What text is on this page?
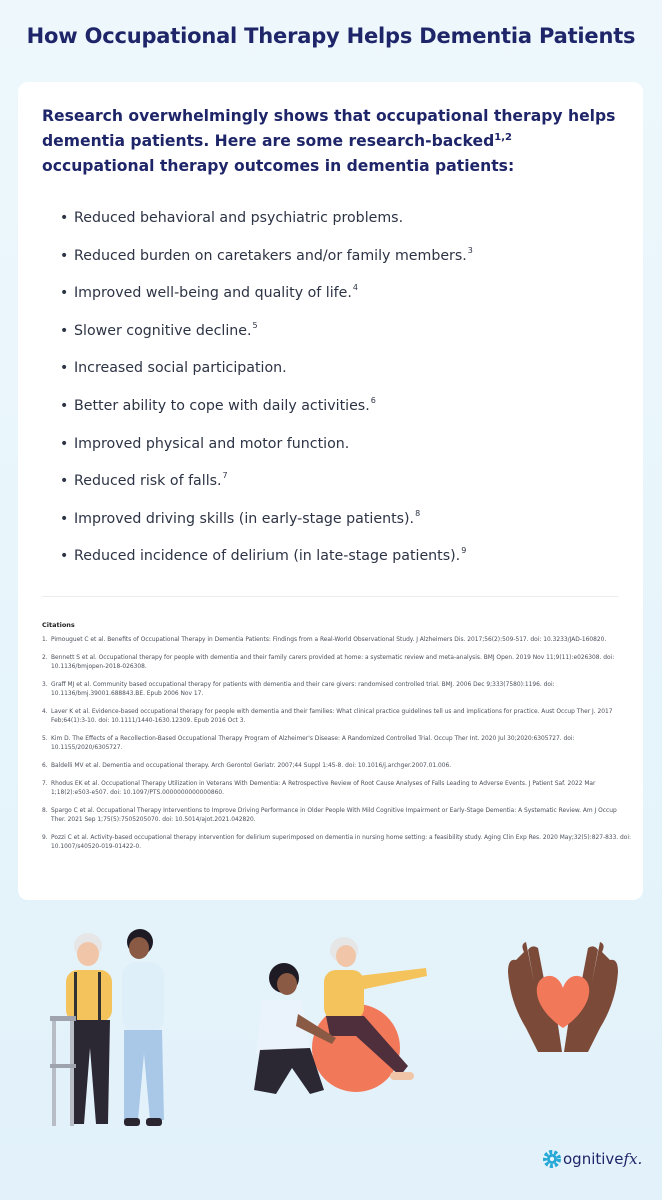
How Occupational Therapy Helps Dementia Patients

Research overwhelmingly shows that occupational therapy helps dementia patients. Here are some research-backed$^{1,2}$ occupational therapy outcomes in dementia patients:

• Reduced behavioral and psychiatric problems.
• Reduced burden on caretakers and/or family members.$^3$
• Improved well-being and quality of life.$^4$
• Slower cognitive decline.$^5$
• Increased social participation.
• Better ability to cope with daily activities.$^6$
• Improved physical and motor function.
• Reduced risk of falls.$^7$
• Improved driving skills (in early-stage patients).$^8$
• Reduced incidence of delirium (in late-stage patients).$^9$
Citations
1. Pimouguet C et al. Benefits of Occupational Therapy in Dementia Patients: Findings from a Real-World Observational Study. J Alzheimers Dis. 2017;56(2):509-517. doi: 10.3233/JAD-160820.
2. Bennett S et al. Occupational therapy for people with dementia and their family carers provided at home: a systematic review and meta-analysis. BMJ Open. 2019 Nov 11;9(11):e026308. doi: 10.1136/bmjopen-2018-026308.
3. Graff MJ et al. Community based occupational therapy for patients with dementia and their care givers: randomised controlled trial. BMJ. 2006 Dec 9;333(7580):1196. doi: 10.1136/bmj.39001.688843.BE. Epub 2006 Nov 17.
4. Laver K et al. Evidence-based occupational therapy for people with dementia and their families: What clinical practice guidelines tell us and implications for practice. Aust Occup Ther J. 2017 Feb;64(1):3-10. doi: 10.1111/1440-1630.12309. Epub 2016 Oct 3.
5. Kim D. The Effects of a Recollection-Based Occupational Therapy Program of Alzheimer's Disease: A Randomized Controlled Trial. Occup Ther Int. 2020 Jul 30;2020:6305727. doi: 10.1155/2020/6305727.
6. Baldelli MV et al. Dementia and occupational therapy. Arch Gerontol Geriatr. 2007;44 Suppl 1:45-8. doi: 10.1016/j.archger.2007.01.006.
7. Rhodus EK et al. Occupational Therapy Utilization in Veterans With Dementia: A Retrospective Review of Root Cause Analyses of Falls Leading to Adverse Events. J Patient Saf. 2022 Mar 1;18(2):e503-e507. doi: 10.1097/PTS.0000000000000860.
8. Spargo C et al. Occupational Therapy Interventions to Improve Driving Performance in Older People With Mild Cognitive Impairment or Early-Stage Dementia: A Systematic Review. Am J Occup Ther. 2021 Sep 1;75(5):7505205070. doi: 10.5014/ajot.2021.042820.
9. Pozzi C et al. Activity-based occupational therapy intervention for delirium superimposed on dementia in nursing home setting: a feasibility study. Aging Clin Exp Res. 2020 May;32(5):827-833. doi: 10.1007/s40520-019-01422-0.
ognitive fx.
